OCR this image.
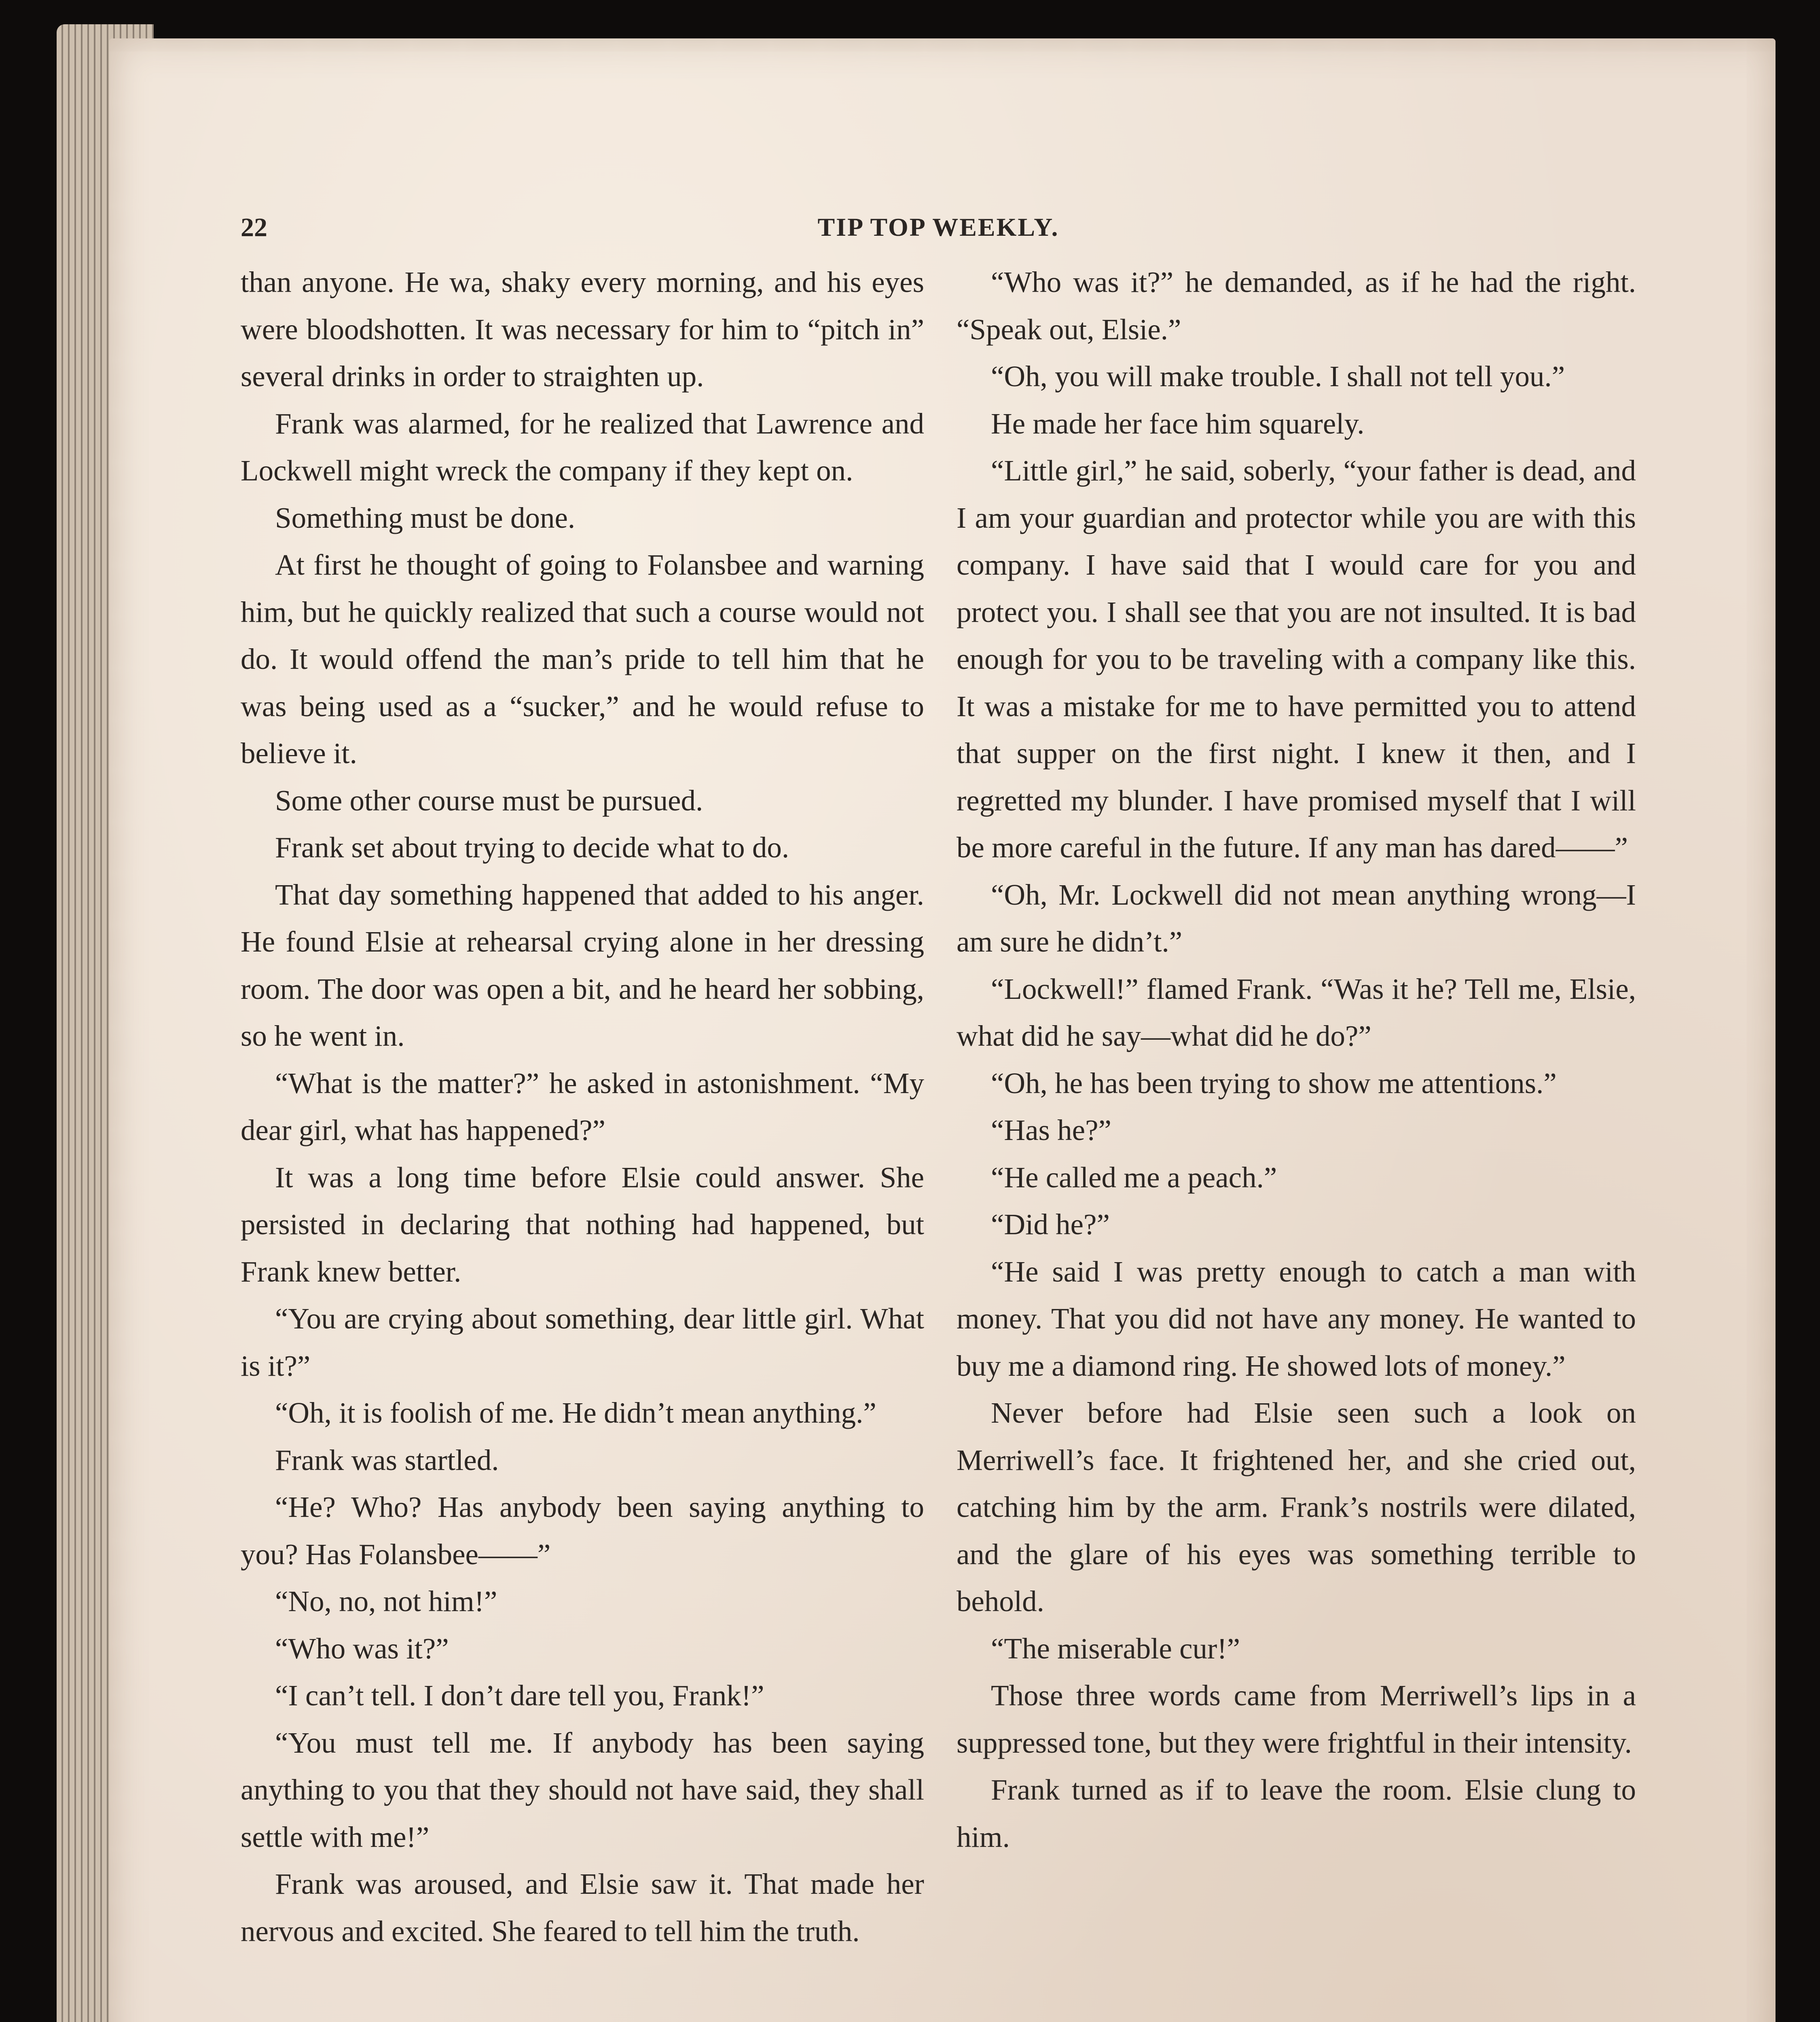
22	TIP TOP WEEKLY.

than anyone. He wa, shaky every morning, and his eyes were bloodshotten. It was necessary for him to “pitch in” several drinks in order to straighten up.

Frank was alarmed, for he realized that Lawrence and Lockwell might wreck the company if they kept on.

Something must be done.

At first he thought of going to Folansbee and warning him, but he quickly realized that such a course would not do. It would offend the man’s pride to tell him that he was being used as a “sucker,” and he would refuse to believe it.

Some other course must be pursued.

Frank set about trying to decide what to do.

That day something happened that added to his anger. He found Elsie at rehearsal crying alone in her dressing room. The door was open a bit, and he heard her sobbing, so he went in.

“What is the matter?” he asked in astonishment. “My dear girl, what has happened?”

It was a long time before Elsie could answer. She persisted in declaring that nothing had happened, but Frank knew better.

“You are crying about something, dear little girl. What is it?”

“Oh, it is foolish of me. He didn’t mean anything.”

Frank was startled.

“He? Who? Has anybody been saying anything to you? Has Folansbee——”

“No, no, not him!”

“Who was it?”

“I can’t tell. I don’t dare tell you, Frank!”

“You must tell me. If anybody has been saying anything to you that they should not have said, they shall settle with me!”

Frank was aroused, and Elsie saw it. That made her nervous and excited. She feared to tell him the truth.

“Who was it?” he demanded, as if he had the right. “Speak out, Elsie.”

“Oh, you will make trouble. I shall not tell you.”

He made her face him squarely.

“Little girl,” he said, soberly, “your father is dead, and I am your guardian and protector while you are with this company. I have said that I would care for you and protect you. I shall see that you are not insulted. It is bad enough for you to be traveling with a company like this. It was a mistake for me to have permitted you to attend that supper on the first night. I knew it then, and I regretted my blunder. I have promised myself that I will be more careful in the future. If any man has dared——”

“Oh, Mr. Lockwell did not mean anything wrong—I am sure he didn’t.”

“Lockwell!” flamed Frank. “Was it he? Tell me, Elsie, what did he say—what did he do?”

“Oh, he has been trying to show me attentions.”

“Has he?”

“He called me a peach.”

“Did he?”

“He said I was pretty enough to catch a man with money. That you did not have any money. He wanted to buy me a diamond ring. He showed lots of money.”

Never before had Elsie seen such a look on Merriwell’s face. It frightened her, and she cried out, catching him by the arm. Frank’s nostrils were dilated, and the glare of his eyes was something terrible to behold.

“The miserable cur!”

Those three words came from Merriwell’s lips in a suppressed tone, but they were frightful in their intensity.

Frank turned as if to leave the room. Elsie clung to him.
